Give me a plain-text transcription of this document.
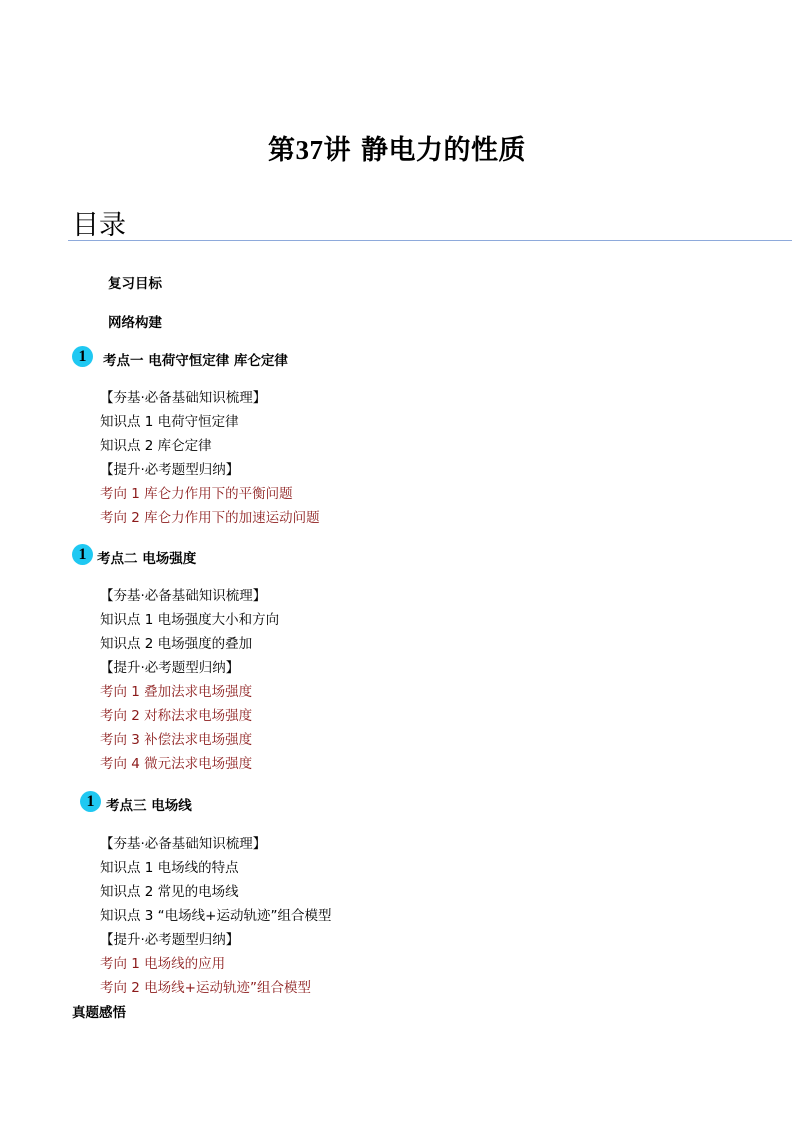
第37讲 静电力的性质
目录
复习目标
网络构建
1	考点一 电荷守恒定律 库仑定律
【夯基·必备基础知识梳理】
知识点 1 电荷守恒定律
知识点 2 库仑定律
【提升·必考题型归纳】
考向 1 库仑力作用下的平衡问题
考向 2 库仑力作用下的加速运动问题
1 考点二 电场强度
【夯基·必备基础知识梳理】
知识点 1 电场强度大小和方向
知识点 2 电场强度的叠加
【提升·必考题型归纳】
考向 1 叠加法求电场强度
考向 2 对称法求电场强度
考向 3 补偿法求电场强度
考向 4 微元法求电场强度
1 考点三 电场线
【夯基·必备基础知识梳理】
知识点 1 电场线的特点
知识点 2 常见的电场线
知识点 3 “电场线+运动轨迹”组合模型
【提升·必考题型归纳】
考向 1 电场线的应用
考向 2 电场线+运动轨迹”组合模型
真题感悟
